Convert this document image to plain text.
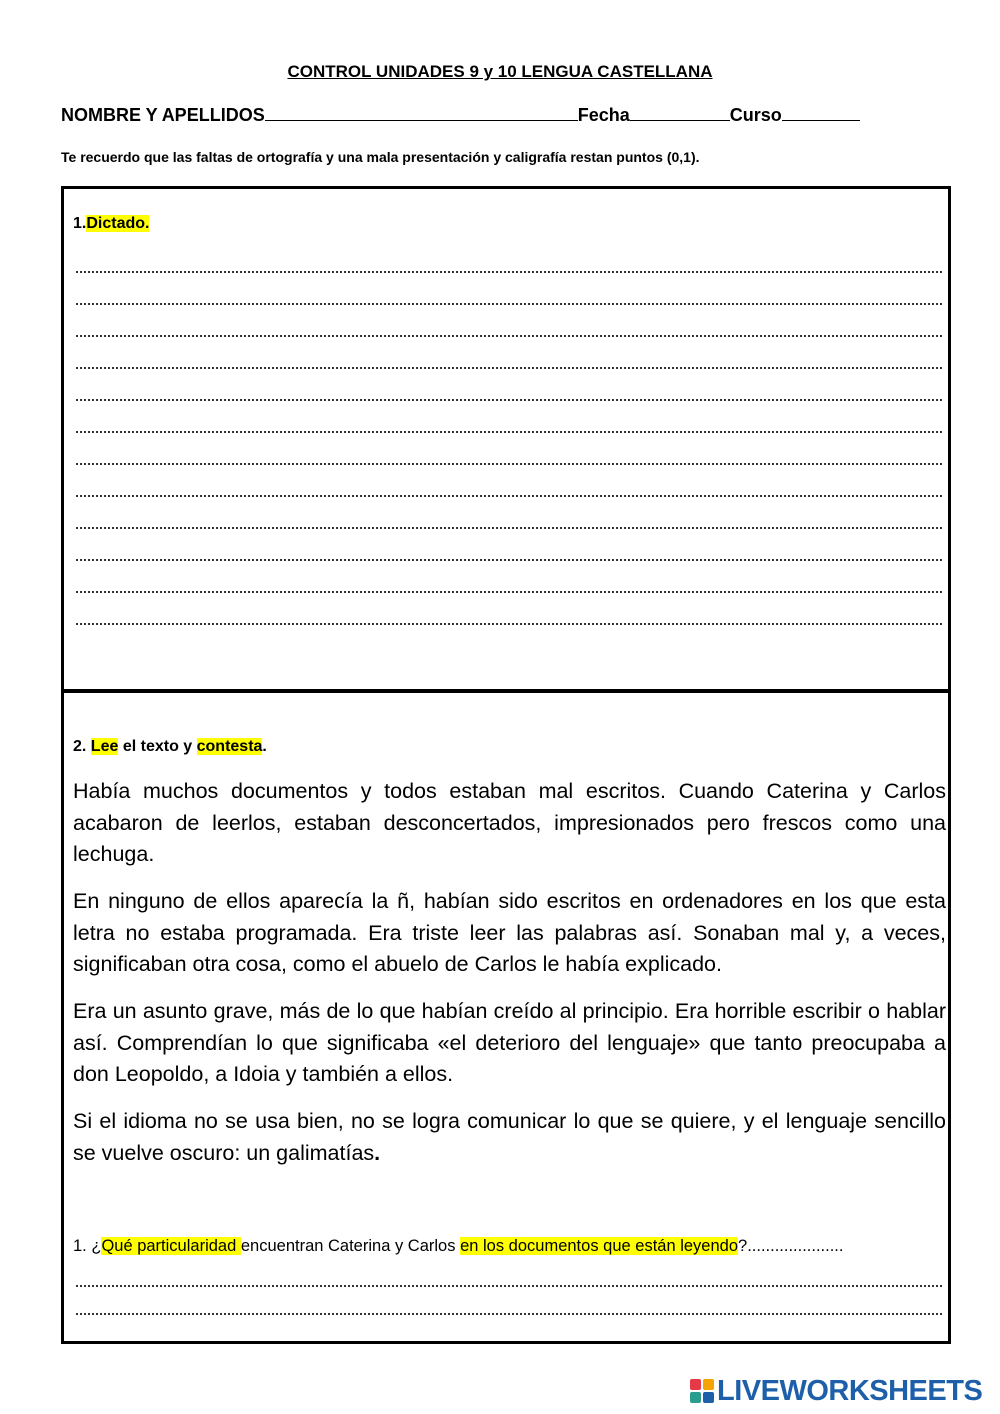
CONTROL UNIDADES 9 y 10 LENGUA CASTELLANA
NOMBRE Y APELLIDOS	Fecha	Curso
Te recuerdo que las faltas de ortografía y una mala presentación y caligrafía restan puntos (0,1).
1.Dictado.
2. Lee el texto y contesta.
Había muchos documentos y todos estaban mal escritos. Cuando Caterina y Carlos acabaron de leerlos, estaban desconcertados, impresionados pero frescos como una lechuga.
En ninguno de ellos aparecía la ñ, habían sido escritos en ordenadores en los que esta letra no estaba programada. Era triste leer las palabras así. Sonaban mal y, a veces, significaban otra cosa, como el abuelo de Carlos le había explicado.
Era un asunto grave, más de lo que habían creído al principio. Era horrible escribir o hablar así. Comprendían lo que significaba «el deterioro del lenguaje» que tanto preocupaba a don Leopoldo, a Idoia y también a ellos.
Si el idioma no se usa bien, no se logra comunicar lo que se quiere, y el lenguaje sencillo se vuelve oscuro: un galimatías.
1. ¿Qué particularidad encuentran Caterina y Carlos en los documentos que están leyendo?.....................
LIVEWORKSHEETS
